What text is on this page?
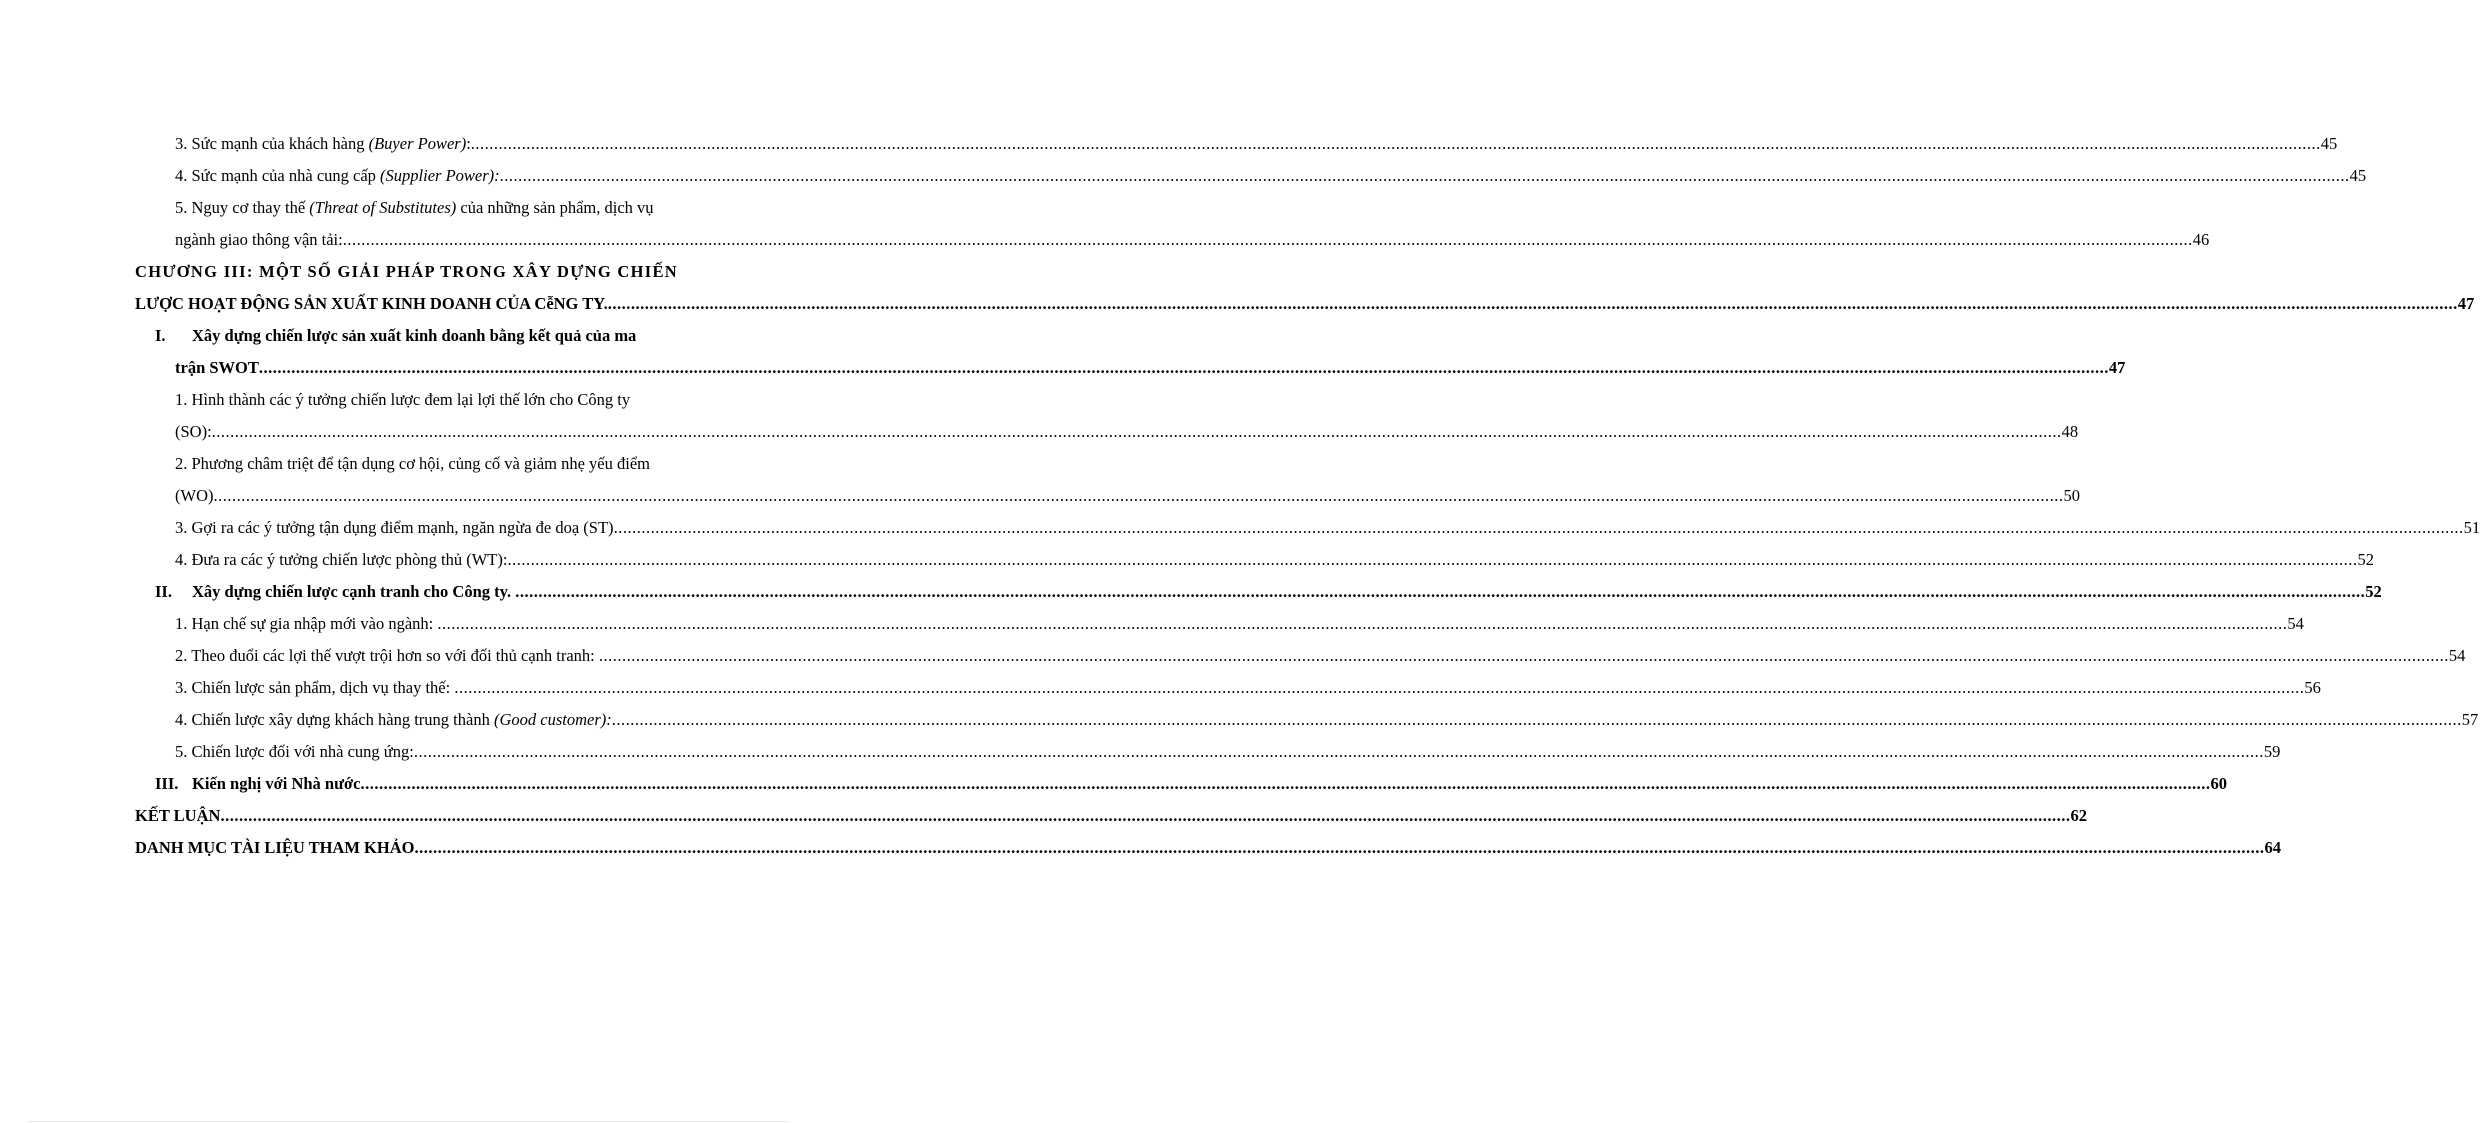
3. Sức mạnh của khách hàng (Buyer Power): ................................................................................................................................................................................................................................................................................................................................................................................................................ 45
4. Sức mạnh của nhà cung cấp (Supplier Power): ................................................................................................................................................................................................................................................................................................................................................................................................................ 45
5. Nguy cơ thay thế (Threat of Substitutes) của những sản phẩm, dịch vụ
ngành giao thông vận tải: ................................................................................................................................................................................................................................................................................................................................................................................................................ 46
CHƯƠNG III: MỘT SỐ GIẢI PHÁP TRONG XÂY DỰNG CHIẾN
LƯỢC HOẠT ĐỘNG SẢN XUẤT KINH DOANH CỦA CễNG TY. ................................................................................................................................................................................................................................................................................................................................................................................................................ 47
I. Xây dựng chiến lược sản xuất kinh doanh bằng kết quả của ma
trận SWOT ................................................................................................................................................................................................................................................................................................................................................................................................................ 47
1. Hình thành các ý tưởng chiến lược đem lại lợi thế lớn cho Công ty
(SO): ................................................................................................................................................................................................................................................................................................................................................................................................................ 48
2. Phương châm triệt để tận dụng cơ hội, củng cố và giảm nhẹ yếu điểm
(WO) ................................................................................................................................................................................................................................................................................................................................................................................................................ 50
3. Gợi ra các ý tưởng tận dụng điểm mạnh, ngăn ngừa đe doạ (ST) ................................................................................................................................................................................................................................................................................................................................................................................................................ 51
4. Đưa ra các ý tưởng chiến lược phòng thủ (WT): ................................................................................................................................................................................................................................................................................................................................................................................................................ 52
II. Xây dựng chiến lược cạnh tranh cho Công ty. ................................................................................................................................................................................................................................................................................................................................................................................................................ 52
1. Hạn chế sự gia nhập mới vào ngành: ................................................................................................................................................................................................................................................................................................................................................................................................................ 54
2. Theo đuổi các lợi thế vượt trội hơn so với đối thủ cạnh tranh: ................................................................................................................................................................................................................................................................................................................................................................................................................ 54
3. Chiến lược sản phẩm, dịch vụ thay thế: ................................................................................................................................................................................................................................................................................................................................................................................................................ 56
4. Chiến lược xây dựng khách hàng trung thành (Good customer): ................................................................................................................................................................................................................................................................................................................................................................................................................ 57
5. Chiến lược đối với nhà cung ứng: ................................................................................................................................................................................................................................................................................................................................................................................................................ 59
III. Kiến nghị với Nhà nước ................................................................................................................................................................................................................................................................................................................................................................................................................ 60
KẾT LUẬN ................................................................................................................................................................................................................................................................................................................................................................................................................ 62
DANH MỤC TÀI LIỆU THAM KHẢO ................................................................................................................................................................................................................................................................................................................................................................................................................ 64
